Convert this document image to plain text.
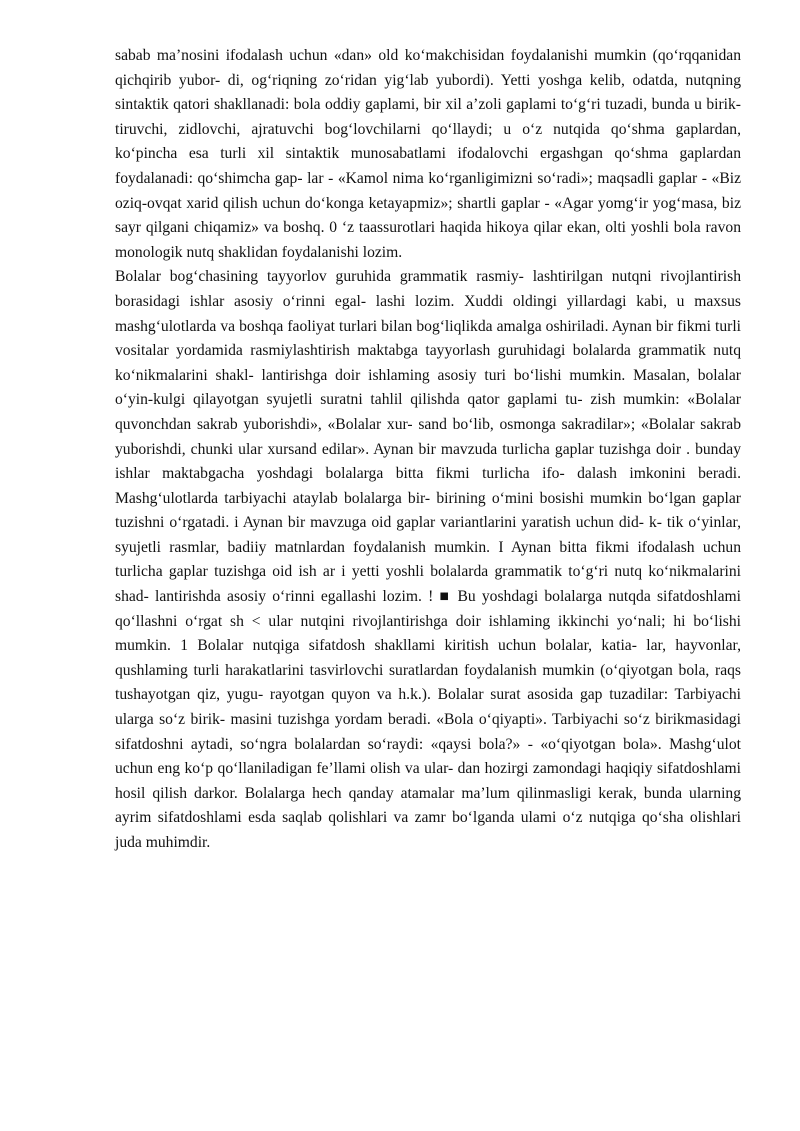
sabab ma’nosini ifodalash uchun «dan» old ko‘makchisidan foydalanishi mumkin (qo‘rqqanidan qichqirib yubor- di, og‘riqning zo‘ridan yig‘lab yubordi). Yetti yoshga kelib, odatda, nutqning sintaktik qatori shakllanadi: bola oddiy gaplami, bir xil a’zoli gaplami to‘g‘ri tuzadi, bunda u birik- tiruvchi, zidlovchi, ajratuvchi bog‘lovchilarni qo‘llaydi; u o‘z nutqida qo‘shma gaplardan, ko‘pincha esa turli xil sintaktik munosabatlami ifodalovchi ergashgan qo‘shma gaplardan foydalanadi: qo‘shimcha gap- lar - «Kamol nima ko‘rganligimizni so‘radi»; maqsadli gaplar - «Biz oziq-ovqat xarid qilish uchun do‘konga ketayapmiz»; shartli gaplar - «Agar yomg‘ir yog‘masa, biz sayr qilgani chiqamiz» va boshq. 0 ‘z taassurotlari haqida hikoya qilar ekan, olti yoshli bola ravon monologik nutq shaklidan foydalanishi lozim.

Bolalar bog‘chasining tayyorlov guruhida grammatik rasmiy- lashtirilgan nutqni rivojlantirish borasidagi ishlar asosiy o‘rinni egal- lashi lozim. Xuddi oldingi yillardagi kabi, u maxsus mashg‘ulotlarda va boshqa faoliyat turlari bilan bog‘liqlikda amalga oshiriladi. Aynan bir fikmi turli vositalar yordamida rasmiylashtirish maktabga tayyorlash guruhidagi bolalarda grammatik nutq ko‘nikmalarini shakl- lantirishga doir ishlaming asosiy turi bo‘lishi mumkin. Masalan, bolalar o‘yin-kulgi qilayotgan syujetli suratni tahlil qilishda qator gaplami tu- zish mumkin: «Bolalar quvonchdan sakrab yuborishdi», «Bolalar xur- sand bo‘lib, osmonga sakradilar»; «Bolalar sakrab yuborishdi, chunki ular xursand edilar». Aynan bir mavzuda turlicha gaplar tuzishga doir . bunday ishlar maktabgacha yoshdagi bolalarga bitta fikmi turlicha ifo- dalash imkonini beradi. Mashg‘ulotlarda tarbiyachi ataylab bolalarga bir- birining o‘mini bosishi mumkin bo‘lgan gaplar tuzishni o‘rgatadi. i Aynan bir mavzuga oid gaplar variantlarini yaratish uchun did- k- tik o‘yinlar, syujetli rasmlar, badiiy matnlardan foydalanish mumkin. I Aynan bitta fikmi ifodalash uchun turlicha gaplar tuzishga oid ish ar i yetti yoshli bolalarda grammatik to‘g‘ri nutq ko‘nikmalarini shad- lantirishda asosiy o‘rinni egallashi lozim. ! ■ Bu yoshdagi bolalarga nutqda sifatdoshlami qo‘llashni o‘rgat sh < ular nutqini rivojlantirishga doir ishlaming ikkinchi yo‘nali; hi bo‘lishi mumkin. 1 Bolalar nutqiga sifatdosh shakllami kiritish uchun bolalar, katia- lar, hayvonlar, qushlaming turli harakatlarini tasvirlovchi suratlardan foydalanish mumkin (o‘qiyotgan bola, raqs tushayotgan qiz, yugu- rayotgan quyon va h.k.). Bolalar surat asosida gap tuzadilar: Tarbiyachi ularga so‘z birik- masini tuzishga yordam beradi. «Bola o‘qiyapti». Tarbiyachi so‘z birikmasidagi sifatdoshni aytadi, so‘ngra bolalardan so‘raydi: «qaysi bola?» - «o‘qiyotgan bola». Mashg‘ulot uchun eng ko‘p qo‘llaniladigan fe’llami olish va ular- dan hozirgi zamondagi haqiqiy sifatdoshlami hosil qilish darkor. Bolalarga hech qanday atamalar ma’lum qilinmasligi kerak, bunda ularning ayrim sifatdoshlami esda saqlab qolishlari va zamr bo‘lganda ulami o‘z nutqiga qo‘sha olishlari juda muhimdir.
